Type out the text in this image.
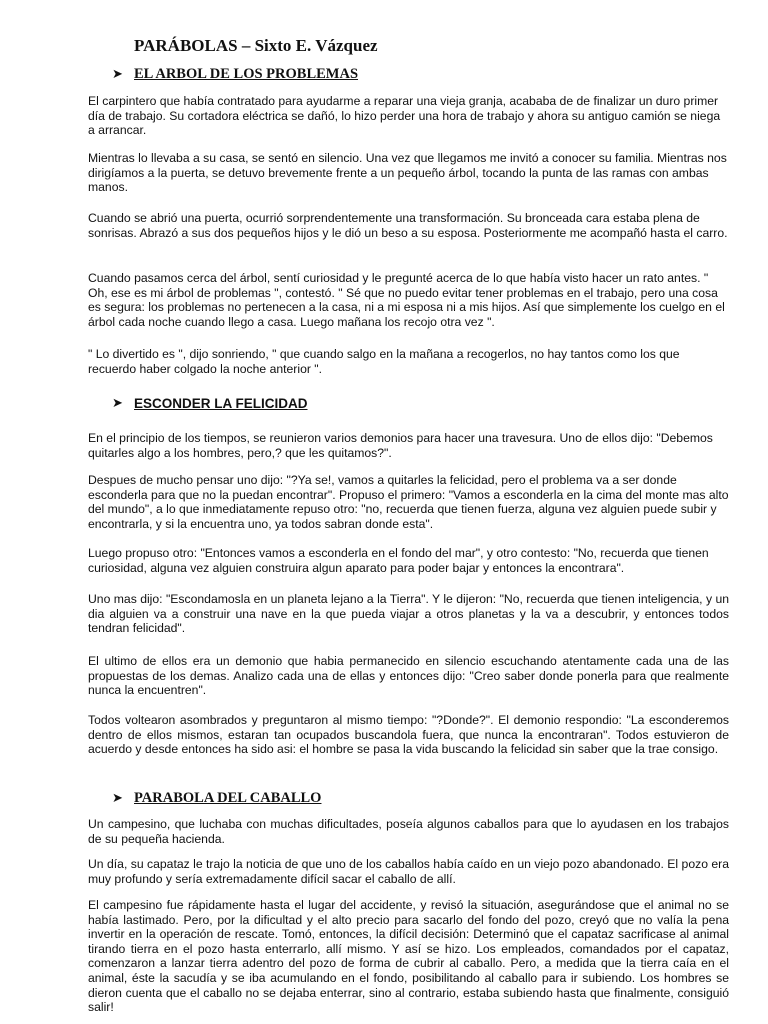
PARÁBOLAS – Sixto E. Vázquez
➤ EL ARBOL DE LOS PROBLEMAS

El carpintero que había contratado para ayudarme a reparar una vieja granja, acababa de de finalizar un duro primer día de trabajo. Su cortadora eléctrica se dañó, lo hizo perder una hora de trabajo y ahora su antiguo camión se niega a arrancar.

Mientras lo llevaba a su casa, se sentó en silencio. Una vez que llegamos me invitó a conocer su familia. Mientras nos dirigíamos a la puerta, se detuvo brevemente frente a un pequeño árbol, tocando la punta de las ramas con ambas manos.

Cuando se abrió una puerta, ocurrió sorprendentemente una transformación. Su bronceada cara estaba plena de sonrisas. Abrazó a sus dos pequeños hijos y le dió un beso a su esposa. Posteriormente me acompañó hasta el carro.

Cuando pasamos cerca del árbol, sentí curiosidad y le pregunté acerca de lo que había visto hacer un rato antes. " Oh, ese es mi árbol de problemas ", contestó. " Sé que no puedo evitar tener problemas en el trabajo, pero una cosa es segura: los problemas no pertenecen a la casa, ni a mi esposa ni a mis hijos. Así que simplemente los cuelgo en el árbol cada noche cuando llego a casa. Luego mañana los recojo otra vez ".

" Lo divertido es ", dijo sonriendo, " que cuando salgo en la mañana a recogerlos, no hay tantos como los que recuerdo haber colgado la noche anterior ".

➤ ESCONDER LA FELICIDAD

En el principio de los tiempos, se reunieron varios demonios para hacer una travesura. Uno de ellos dijo: "Debemos quitarles algo a los hombres, pero,? que les quitamos?".

Despues de mucho pensar uno dijo: "?Ya se!, vamos a quitarles la felicidad, pero el problema va a ser donde esconderla para que no la puedan encontrar". Propuso el primero: "Vamos a esconderla en la cima del monte mas alto del mundo", a lo que inmediatamente repuso otro: "no, recuerda que tienen fuerza, alguna vez alguien puede subir y encontrarla, y si la encuentra uno, ya todos sabran donde esta".

Luego propuso otro: "Entonces vamos a esconderla en el fondo del mar", y otro contesto: "No, recuerda que tienen curiosidad, alguna vez alguien construira algun aparato para poder bajar y entonces la encontrara".

Uno mas dijo: "Escondamosla en un planeta lejano a la Tierra". Y le dijeron: "No, recuerda que tienen inteligencia, y un dia alguien va a construir una nave en la que pueda viajar a otros planetas y la va a descubrir, y entonces todos tendran felicidad".

El ultimo de ellos era un demonio que habia permanecido en silencio escuchando atentamente cada una de las propuestas de los demas. Analizo cada una de ellas y entonces dijo: "Creo saber donde ponerla para que realmente nunca la encuentren".

Todos voltearon asombrados y preguntaron al mismo tiempo: "?Donde?". El demonio respondio: "La esconderemos dentro de ellos mismos, estaran tan ocupados buscandola fuera, que nunca la encontraran". Todos estuvieron de acuerdo y desde entonces ha sido asi: el hombre se pasa la vida buscando la felicidad sin saber que la trae consigo.

➤ PARABOLA DEL CABALLO

Un campesino, que luchaba con muchas dificultades, poseía algunos caballos para que lo ayudasen en los trabajos de su pequeña hacienda.

Un día, su capataz le trajo la noticia de que uno de los caballos había caído en un viejo pozo abandonado. El pozo era muy profundo y sería extremadamente difícil sacar el caballo de allí.

El campesino fue rápidamente hasta el lugar del accidente, y revisó la situación, asegurándose que el animal no se había lastimado. Pero, por la dificultad y el alto precio para sacarlo del fondo del pozo, creyó que no valía la pena invertir en la operación de rescate. Tomó, entonces, la difícil decisión: Determinó que el capataz sacrificase al animal tirando tierra en el pozo hasta enterrarlo, allí mismo. Y así se hizo. Los empleados, comandados por el capataz, comenzaron a lanzar tierra adentro del pozo de forma de cubrir al caballo. Pero, a medida que la tierra caía en el animal, éste la sacudía y se iba acumulando en el fondo, posibilitando al caballo para ir subiendo. Los hombres se dieron cuenta que el caballo no se dejaba enterrar, sino al contrario, estaba subiendo hasta que finalmente, consiguió salir!
